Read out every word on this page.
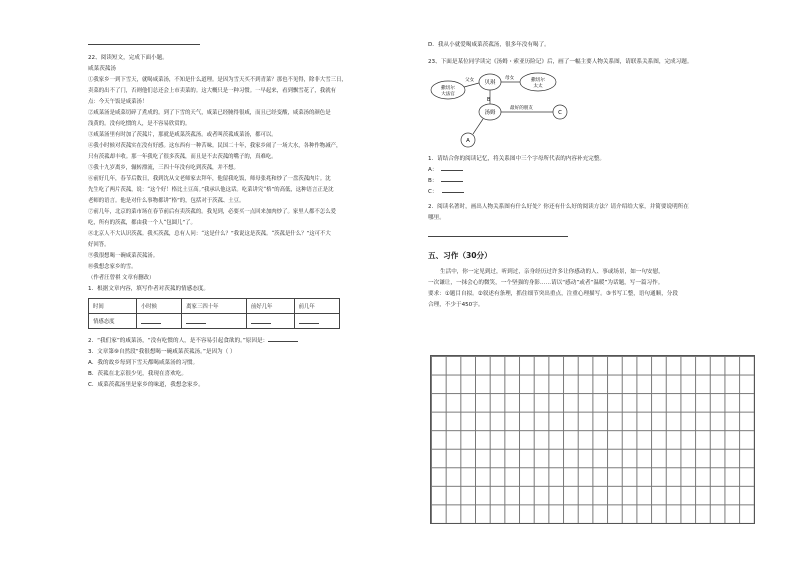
22、阅读短文，完成下面小题。
咸菜茨菰汤
①我家乡一到下雪天，就喝咸菜汤，不知是什么道理。是因为雪天买不到青菜？那也不见得，除非大雪三日，
卖菜的出不了门，否则他们总还会上市卖菜的。这大概只是一种习惯。一早起来，看到飘雪花了，我就有
点：今天午饭是咸菜汤！
②咸菜汤是咸菜切碎了煮成的。到了下雪的天气，咸菜已经腌得很咸，而且已经变酸，咸菜汤的颜色是
浅黄的。没有吃惯的人，是不容易欣赏的。
③咸菜汤里有时加了茨菰片，那就是咸菜茨菰汤。或者叫茨菰咸菜汤，都可以。
④我小时候对茨菰实在没有好感。这东西有一种苦味。民国二十年，我家乡闹了一场大水，各种作物减产，
只有茨菰却丰收。那一年我吃了很多茨菰，而且是不去茨菰的嘴子的，真难吃。
⑤我十九岁离乡，辗转漂流，三四十年没有吃到茨菰，并不想。
⑥前好几年，春节后数日，我到沈从文老师家去拜年，他留我吃饭，师母张兆和炒了一盘茨菰肉片。沈
先生吃了两片茨菰，说：“这个好！格比土豆高。”我承认他这话。吃菜讲究“格”的高低，这种语言正是沈
老师的语言。他是对什么事物都讲“格”的，包括对于茨菰、土豆。
⑦前几年，北京的菜市场在春节前后有卖茨菰的。我见到，必要买一点回来加肉炒了。家里人都不怎么爱
吃，所有的茨菰，都由我一个人“包圆儿”了。
⑧北京人不大认识茨菰。我买茨菰，总有人问：“这是什么？”我说这是茨菰。“茨菰是什么？”这可不大
好回答。
⑨我很想喝一碗咸菜茨菰汤。
⑩我想念家乡的雪。
（作者汪曾祺 文章有删改）
1．根据文章内容，填写作者对茨菰的情感态度。
时间	小时候	离家三四十年	前好几年	前几年
情感态度				
2．“我们家”的咸菜汤，“没有吃惯的人，是不容易引起食欲的。”原因是：
3．文章第⑨自然段“我很想喝一碗咸菜茨菰汤。”是因为（ ）
A．我的故乡每到下雪天都喝咸菜汤的习惯。
B．茨菰在北京很少见，我现在喜欢吃。
C．咸菜茨菰汤里是家乡的味道，我想念家乡。
D．我从小就爱喝咸菜茨菰汤，很多年没有喝了。
23、下面是某位同学读完《汤姆・索亚历险记》后，画了一幅主要人物关系图，请联系关系图，完成习题。
撒切尔
大法官
贝琪
汤姆
撒切尔
太太
A
B
C
父女	母女
最好的朋友
1．请结合你的阅读记忆，将关系图中三个字母所代表的内容补充完整。
A：
B：
C：
2．阅读名著时，画出人物关系图有什么好处？你还有什么好的阅读方法？请介绍给大家，并简要说明所在
哪里。
五、习作（30分）
生活中，你一定见到过，听到过，亲身经历过许多让你感动的人、事或场景，如一句安慰，
一次谦让，一抹会心的微笑，一个坚强的身影……请以“感动”或者“温暖”为话题，写一篇习作。
要求：①题目自拟。②叙述有条理，抓住细节突出重点，注重心理描写。③书写工整，语句通顺，分段
合理，不少于450字。
